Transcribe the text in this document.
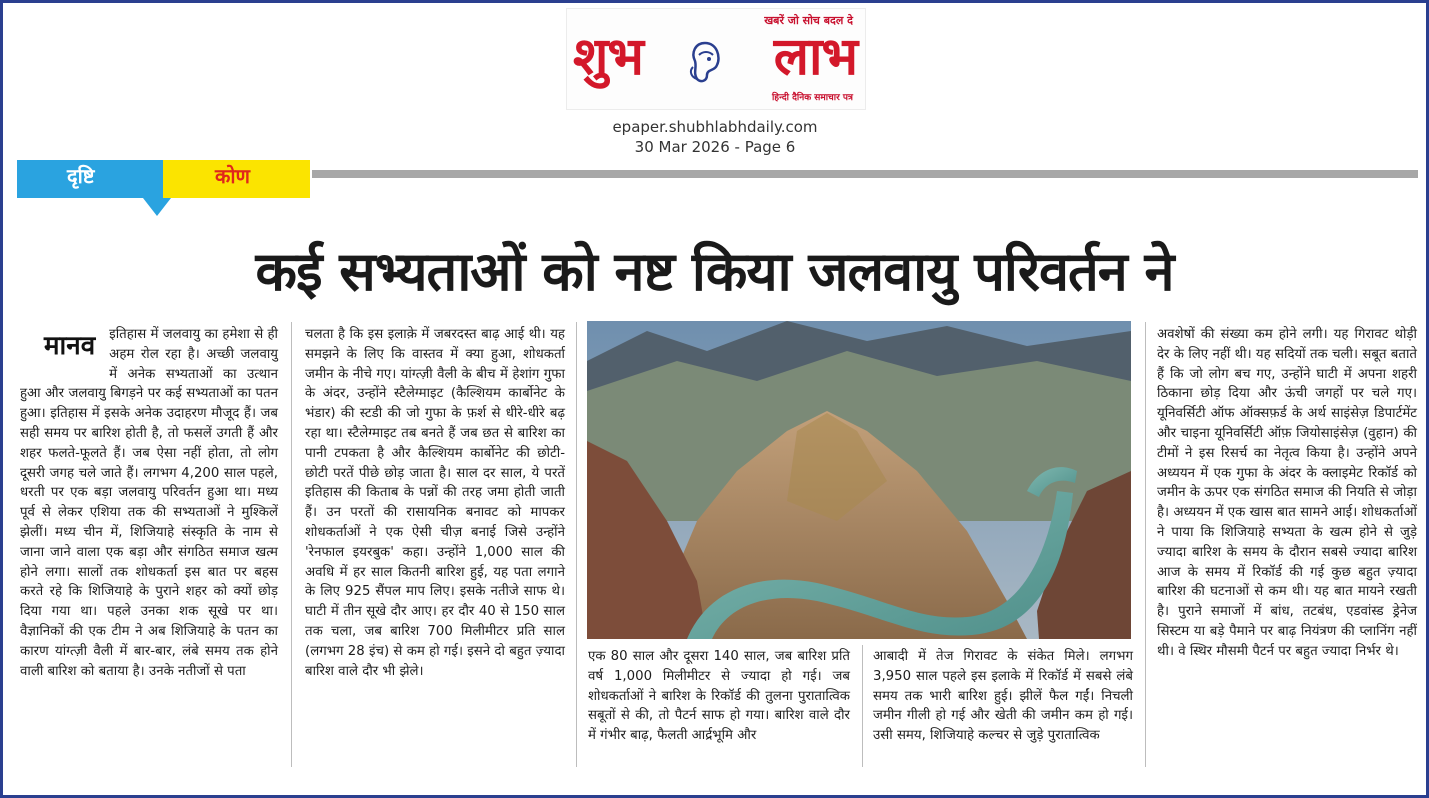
खबरें जो सोच बदल दे
शुभ	लाभ
हिन्दी दैनिक समाचार पत्र
epaper.shubhlabhdaily.com
30 Mar 2026 - Page 6
दृष्टि	कोण
कई सभ्यताओं को नष्ट किया जलवायु परिवर्तन ने
मानव इतिहास में जलवायु का हमेशा से ही अहम रोल रहा है। अच्छी जलवायु में अनेक सभ्यताओं का उत्थान हुआ और जलवायु बिगड़ने पर कई सभ्यताओं का पतन हुआ। इतिहास में इसके अनेक उदाहरण मौजूद हैं। जब सही समय पर बारिश होती है, तो फसलें उगती हैं और शहर फलते-फूलते हैं। जब ऐसा नहीं होता, तो लोग दूसरी जगह चले जाते हैं। लगभग 4,200 साल पहले, धरती पर एक बड़ा जलवायु परिवर्तन हुआ था। मध्य पूर्व से लेकर एशिया तक की सभ्यताओं ने मुश्किलें झेलीं। मध्य चीन में, शिजियाहे संस्कृति के नाम से जाना जाने वाला एक बड़ा और संगठित समाज खत्म होने लगा। सालों तक शोधकर्ता इस बात पर बहस करते रहे कि शिजियाहे के पुराने शहर को क्यों छोड़ दिया गया था। पहले उनका शक सूखे पर था। वैज्ञानिकों की एक टीम ने अब शिजियाहे के पतन का कारण यांग्त्ज़ी वैली में बार-बार, लंबे समय तक होने वाली बारिश को बताया है। उनके नतीजों से पता

चलता है कि इस इलाक़े में जबरदस्त बाढ़ आई थी। यह समझने के लिए कि वास्तव में क्या हुआ, शोधकर्ता जमीन के नीचे गए। यांग्त्ज़ी वैली के बीच में हेशांग गुफा के अंदर, उन्होंने स्टैलेग्माइट (कैल्शियम कार्बोनेट के भंडार) की स्टडी की जो गुफा के फ़र्श से धीरे-धीरे बढ़ रहा था। स्टैलेग्माइट तब बनते हैं जब छत से बारिश का पानी टपकता है और कैल्शियम कार्बोनेट की छोटी-छोटी परतें पीछे छोड़ जाता है। साल दर साल, ये परतें इतिहास की किताब के पन्नों की तरह जमा होती जाती हैं। उन परतों की रासायनिक बनावट को मापकर शोधकर्ताओं ने एक ऐसी चीज़ बनाई जिसे उन्होंने 'रेनफाल इयरबुक' कहा। उन्होंने 1,000 साल की अवधि में हर साल कितनी बारिश हुई, यह पता लगाने के लिए 925 सैंपल माप लिए। इसके नतीजे साफ थे। घाटी में तीन सूखे दौर आए। हर दौर 40 से 150 साल तक चला, जब बारिश 700 मिलीमीटर प्रति साल (लगभग 28 इंच) से कम हो गई। इसने दो बहुत ज़्यादा बारिश वाले दौर भी झेले।

एक 80 साल और दूसरा 140 साल, जब बारिश प्रति वर्ष 1,000 मिलीमीटर से ज्यादा हो गई। जब शोधकर्ताओं ने बारिश के रिकॉर्ड की तुलना पुरातात्विक सबूतों से की, तो पैटर्न साफ हो गया। बारिश वाले दौर में गंभीर बाढ़, फैलती आर्द्रभूमि और

आबादी में तेज गिरावट के संकेत मिले। लगभग 3,950 साल पहले इस इलाके में रिकॉर्ड में सबसे लंबे समय तक भारी बारिश हुई। झीलें फैल गईं। निचली जमीन गीली हो गई और खेती की जमीन कम हो गई। उसी समय, शिजियाहे कल्चर से जुड़े पुरातात्विक

अवशेषों की संख्या कम होने लगी। यह गिरावट थोड़ी देर के लिए नहीं थी। यह सदियों तक चली। सबूत बताते हैं कि जो लोग बच गए, उन्होंने घाटी में अपना शहरी ठिकाना छोड़ दिया और ऊंची जगहों पर चले गए। यूनिवर्सिटी ऑफ ऑक्सफ़र्ड के अर्थ साइंसेज़ डिपार्टमेंट और चाइना यूनिवर्सिटी ऑफ़ जियोसाइंसेज़ (वुहान) की टीमों ने इस रिसर्च का नेतृत्व किया है। उन्होंने अपने अध्ययन में एक गुफा के अंदर के क्लाइमेट रिकॉर्ड को जमीन के ऊपर एक संगठित समाज की नियति से जोड़ा है। अध्ययन में एक खास बात सामने आई। शोधकर्ताओं ने पाया कि शिजियाहे सभ्यता के खत्म होने से जुड़े ज्यादा बारिश के समय के दौरान सबसे ज्यादा बारिश आज के समय में रिकॉर्ड की गई कुछ बहुत ज़्यादा बारिश की घटनाओं से कम थी। यह बात मायने रखती है। पुराने समाजों में बांध, तटबंध, एडवांस्ड ड्रेनेज सिस्टम या बड़े पैमाने पर बाढ़ नियंत्रण की प्लानिंग नहीं थी। वे स्थिर मौसमी पैटर्न पर बहुत ज्यादा निर्भर थे।
